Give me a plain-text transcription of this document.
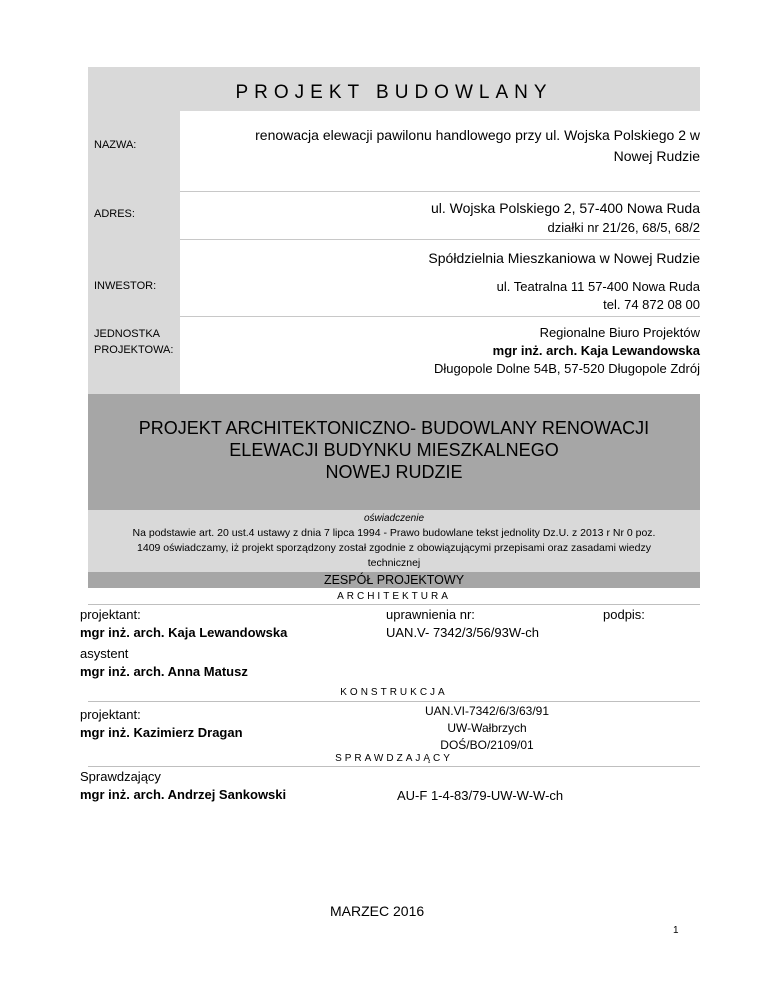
PROJEKT BUDOWLANY
NAZWA:
renowacja elewacji pawilonu handlowego przy ul. Wojska Polskiego 2 w
Nowej Rudzie
ADRES:	ul. Wojska Polskiego 2, 57-400 Nowa Ruda
działki nr 21/26, 68/5, 68/2
Spółdzielnia Mieszkaniowa w Nowej Rudzie
INWESTOR:	ul. Teatralna 11 57-400 Nowa Ruda
tel. 74 872 08 00
JEDNOSTKA
PROJEKTOWA:
Regionalne Biuro Projektów
mgr inż. arch. Kaja Lewandowska
Długopole Dolne 54B, 57-520 Długopole Zdrój
PROJEKT ARCHITEKTONICZNO- BUDOWLANY RENOWACJI
ELEWACJI BUDYNKU MIESZKALNEGO
NOWEJ RUDZIE
oświadczenie
Na podstawie art. 20 ust.4 ustawy z dnia 7 lipca 1994 - Prawo budowlane tekst jednolity Dz.U. z 2013 r Nr 0 poz.
1409 oświadczamy, iż projekt sporządzony został zgodnie z obowiązującymi przepisami oraz zasadami wiedzy
technicznej
ZESPÓŁ PROJEKTOWY
ARCHITEKTURA
projektant:
mgr inż. arch. Kaja Lewandowska
uprawnienia nr:
UAN.V- 7342/3/56/93W-ch
podpis:
asystent
mgr inż. arch. Anna Matusz
KONSTRUKCJA
projektant:
mgr inż. Kazimierz Dragan
UAN.VI-7342/6/3/63/91
UW-Wałbrzych
DOŚ/BO/2109/01
SPRAWDZAJĄCY
Sprawdzający
mgr inż. arch. Andrzej Sankowski	AU-F 1-4-83/79-UW-W-W-ch
MARZEC 2016
1
